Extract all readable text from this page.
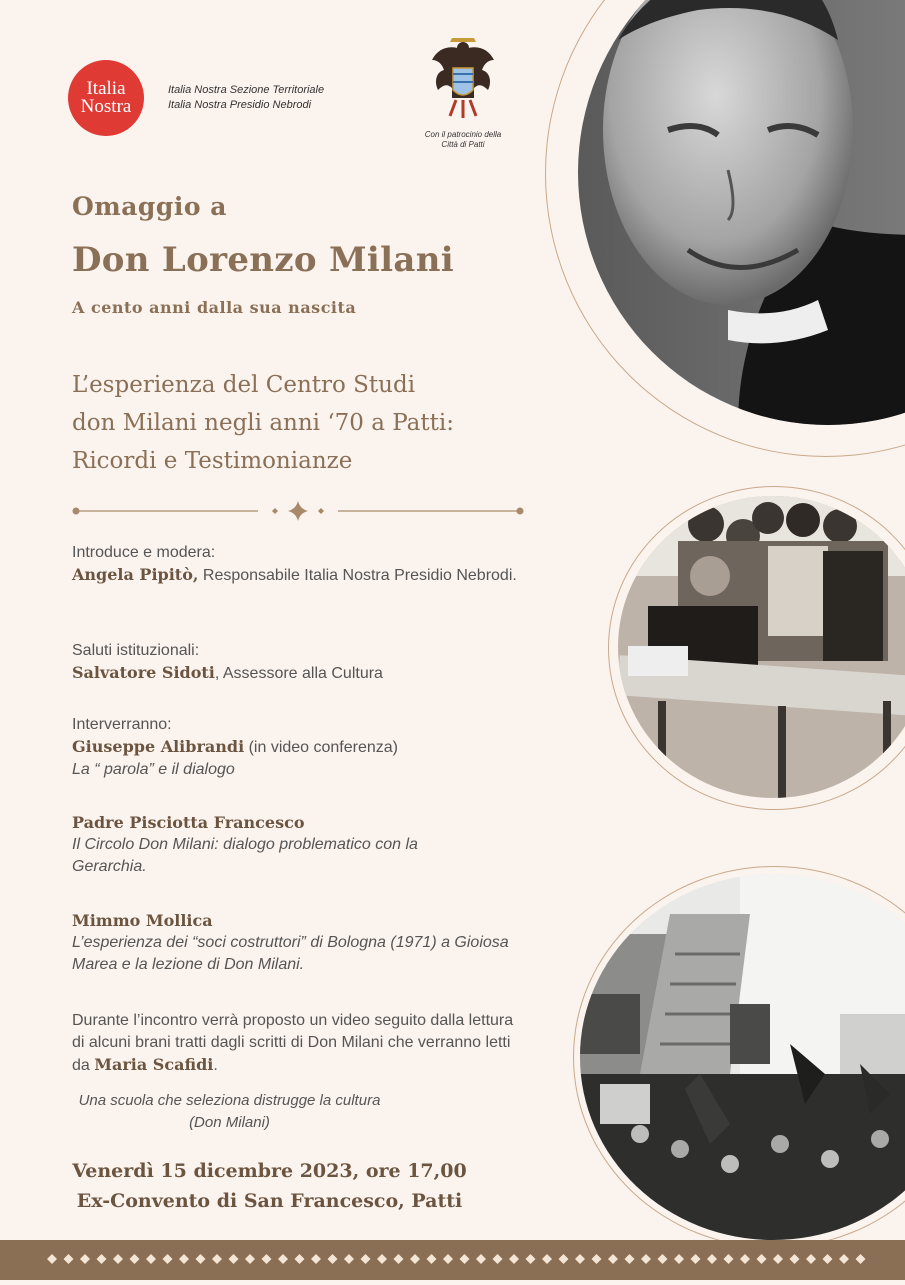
Italia
Nostra
Italia Nostra Sezione Territoriale
Italia Nostra Presidio Nebrodi
Con il patrocinio della
Città di Patti
Omaggio a
Don Lorenzo Milani
A cento anni dalla sua nascita
L’esperienza del Centro Studi
don Milani negli anni ‘70 a Patti:
Ricordi e Testimonianze
Introduce e modera:
Angela Pipitò, Responsabile Italia Nostra Presidio Nebrodi.
Saluti istituzionali:
Salvatore Sidoti, Assessore alla Cultura
Interverranno:
Giuseppe Alibrandi (in video conferenza)
La “ parola” e il dialogo
Padre Pisciotta Francesco
Il Circolo Don Milani: dialogo problematico con la Gerarchia.
Mimmo Mollica
L’esperienza dei “soci costruttori” di Bologna (1971) a Gioiosa Marea e la lezione di Don Milani.
Durante l’incontro verrà proposto un video seguito dalla lettura di alcuni brani tratti dagli scritti di Don Milani che verranno letti da Maria Scafidi.
Una scuola che seleziona distrugge la cultura
(Don Milani)
Venerdì 15 dicembre 2023, ore 17,00
Ex-Convento di San Francesco, Patti
